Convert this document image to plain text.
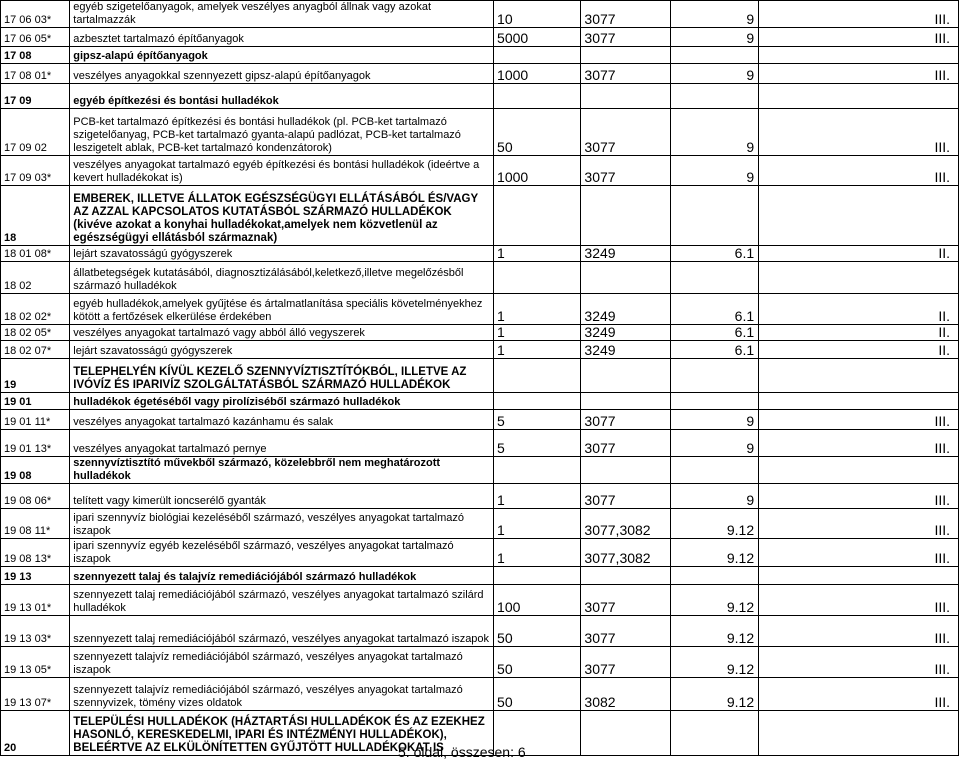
17 06 03*	egyéb szigetelőanyagok, amelyek veszélyes anyagból állnak vagy azokat tartalmazzák	10	3077	9	III.
17 06 05*	azbesztet tartalmazó építőanyagok	5000	3077	9	III.
17 08	gipsz-alapú építőanyagok				
17 08 01*	veszélyes anyagokkal szennyezett gipsz-alapú építőanyagok	1000	3077	9	III.
17 09	egyéb építkezési és bontási hulladékok				
17 09 02	PCB-ket tartalmazó építkezési és bontási hulladékok (pl. PCB-ket tartalmazó szigetelőanyag, PCB-ket tartalmazó gyanta-alapú padlózat, PCB-ket tartalmazó leszigetelt ablak, PCB-ket tartalmazó kondenzátorok)	50	3077	9	III.
17 09 03*	veszélyes anyagokat tartalmazó egyéb építkezési és bontási hulladékok (ideértve a kevert hulladékokat is)	1000	3077	9	III.
18	EMBEREK, ILLETVE ÁLLATOK EGÉSZSÉGÜGYI ELLÁTÁSÁBÓL ÉS/VAGY AZ AZZAL KAPCSOLATOS KUTATÁSBÓL SZÁRMAZÓ HULLADÉKOK (kivéve azokat a konyhai hulladékokat,amelyek nem közvetlenül az egészségügyi ellátásból származnak)				
18 01 08*	lejárt szavatosságú gyógyszerek	1	3249	6.1	II.
18 02	állatbetegségek kutatásából, diagnosztizálásából,keletkező,illetve megelőzésből származó hulladékok				
18 02 02*	egyéb hulladékok,amelyek gyűjtése és ártalmatlanítása speciális követelményekhez kötött a fertőzések elkerülése érdekében	1	3249	6.1	II.
18 02 05*	veszélyes anyagokat tartalmazó vagy abból álló vegyszerek	1	3249	6.1	II.
18 02 07*	lejárt szavatosságú gyógyszerek	1	3249	6.1	II.
19	TELEPHELYÉN KÍVÜL KEZELŐ SZENNYVÍZTISZTÍTÓKBÓL, ILLETVE AZ IVÓVÍZ ÉS IPARIVÍZ SZOLGÁLTATÁSBÓL SZÁRMAZÓ HULLADÉKOK				
19 01	hulladékok égetéséből vagy pirolíziséből származó hulladékok				
19 01 11*	veszélyes anyagokat tartalmazó kazánhamu és salak	5	3077	9	III.
19 01 13*	veszélyes anyagokat tartalmazó pernye	5	3077	9	III.
19 08	szennyvíztisztító művekből származó, közelebbről nem meghatározott hulladékok				
19 08 06*	telített vagy kimerült ioncserélő gyanták	1	3077	9	III.
19 08 11*	ipari szennyvíz biológiai kezeléséből származó, veszélyes anyagokat tartalmazó iszapok	1	3077,3082	9.12	III.
19 08 13*	ipari szennyvíz egyéb kezeléséből származó, veszélyes anyagokat tartalmazó iszapok	1	3077,3082	9.12	III.
19 13	szennyezett talaj és talajvíz remediációjából származó hulladékok				
19 13 01*	szennyezett talaj remediációjából származó, veszélyes anyagokat tartalmazó szilárd hulladékok	100	3077	9.12	III.
19 13 03*	szennyezett talaj remediációjából származó, veszélyes anyagokat tartalmazó iszapok	50	3077	9.12	III.
19 13 05*	szennyezett talajvíz remediációjából származó, veszélyes anyagokat tartalmazó iszapok	50	3077	9.12	III.
19 13 07*	szennyezett talajvíz remediációjából származó, veszélyes anyagokat tartalmazó szennyvizek, tömény vizes oldatok	50	3082	9.12	III.
20	TELEPÜLÉSI HULLADÉKOK (HÁZTARTÁSI HULLADÉKOK ÉS AZ EZEKHEZ HASONLÓ, KERESKEDELMI, IPARI ÉS INTÉZMÉNYI HULLADÉKOK), BELEÉRTVE AZ ELKÜLÖNÍTETTEN GYŰJTÖTT HULLADÉKOKAT IS				
5. oldal, összesen: 6
